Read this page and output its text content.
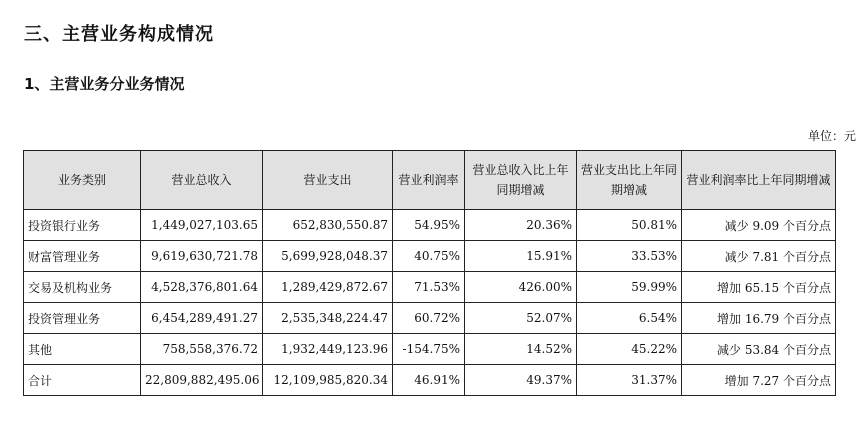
三、主营业务构成情况
1、主营业务分业务情况
单位：元
业务类别	营业总收入	营业支出	营业利润率	营业总收入比上年同期增减	营业支出比上年同期增减	营业利润率比上年同期增减
投资银行业务	1,449,027,103.65	652,830,550.87	54.95%	20.36%	50.81%	减少 9.09 个百分点
财富管理业务	9,619,630,721.78	5,699,928,048.37	40.75%	15.91%	33.53%	减少 7.81 个百分点
交易及机构业务	4,528,376,801.64	1,289,429,872.67	71.53%	426.00%	59.99%	增加 65.15 个百分点
投资管理业务	6,454,289,491.27	2,535,348,224.47	60.72%	52.07%	6.54%	增加 16.79 个百分点
其他	758,558,376.72	1,932,449,123.96	-154.75%	14.52%	45.22%	减少 53.84 个百分点
合计	22,809,882,495.06	12,109,985,820.34	46.91%	49.37%	31.37%	增加 7.27 个百分点
